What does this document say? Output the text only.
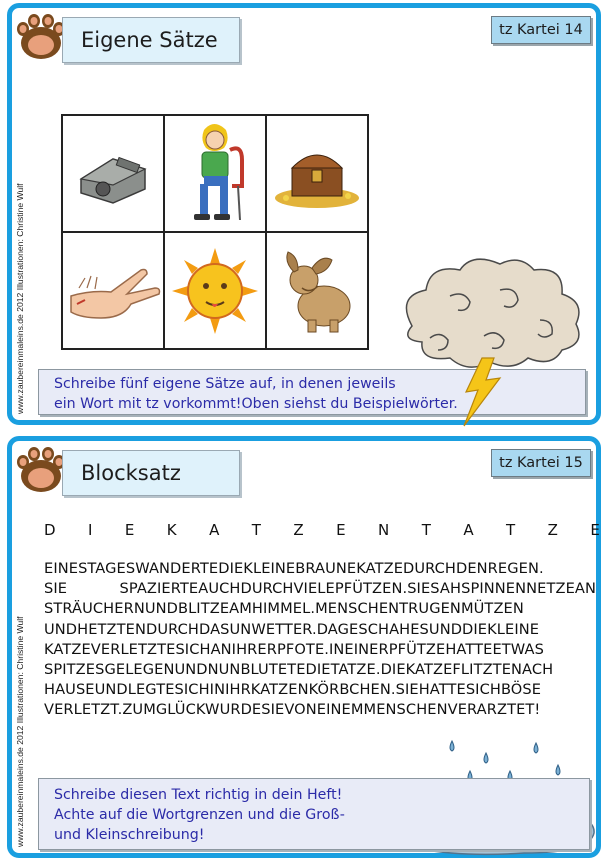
Eigene Sätze	tz Kartei 14
www.zaubereinmaleins.de 2012 Illustrationen: Christine Wulf	Schreibe fünf eigene Sätze auf, in denen jeweils
ein Wort mit tz vorkommt!Oben siehst du Beispielwörter.
Blocksatz	tz Kartei 15
www.zaubereinmaleins.de 2012 Illustrationen: Christine Wulf
D I E K A T Z E N T A T Z E
EINESTAGESWANDERTEDIEKLEINEBRAUNEKATZEDURCHDENREGEN.
SIE SPAZIERTEAUCHDURCHVIELEPFÜTZEN.SIESAHSPINNENNETZEAN
STRÄUCHERNUNDBLITZEAMHIMMEL.MENSCHENTRUGENMÜTZEN
UNDHETZTENDURCHDASUNWETTER.DAGESCHAHESUNDDIEKLEINE
KATZEVERLETZTESICHANIHRERPFOTE.INEINERPFÜTZEHATTEETWAS
SPITZESGELEGENUNDNUNBLUTETEDIETATZE.DIEKATZEFLITZTENACH
HAUSEUNDLEGTESICHINIHRKATZENKÖRBCHEN.SIEHATTESICHBÖSE
VERLETZT.ZUMGLÜCKWURDESIEVONEINEMMENSCHENVERARZTET!
Schreibe diesen Text richtig in dein Heft!
Achte auf die Wortgrenzen und die Groß-
und Kleinschreibung!
